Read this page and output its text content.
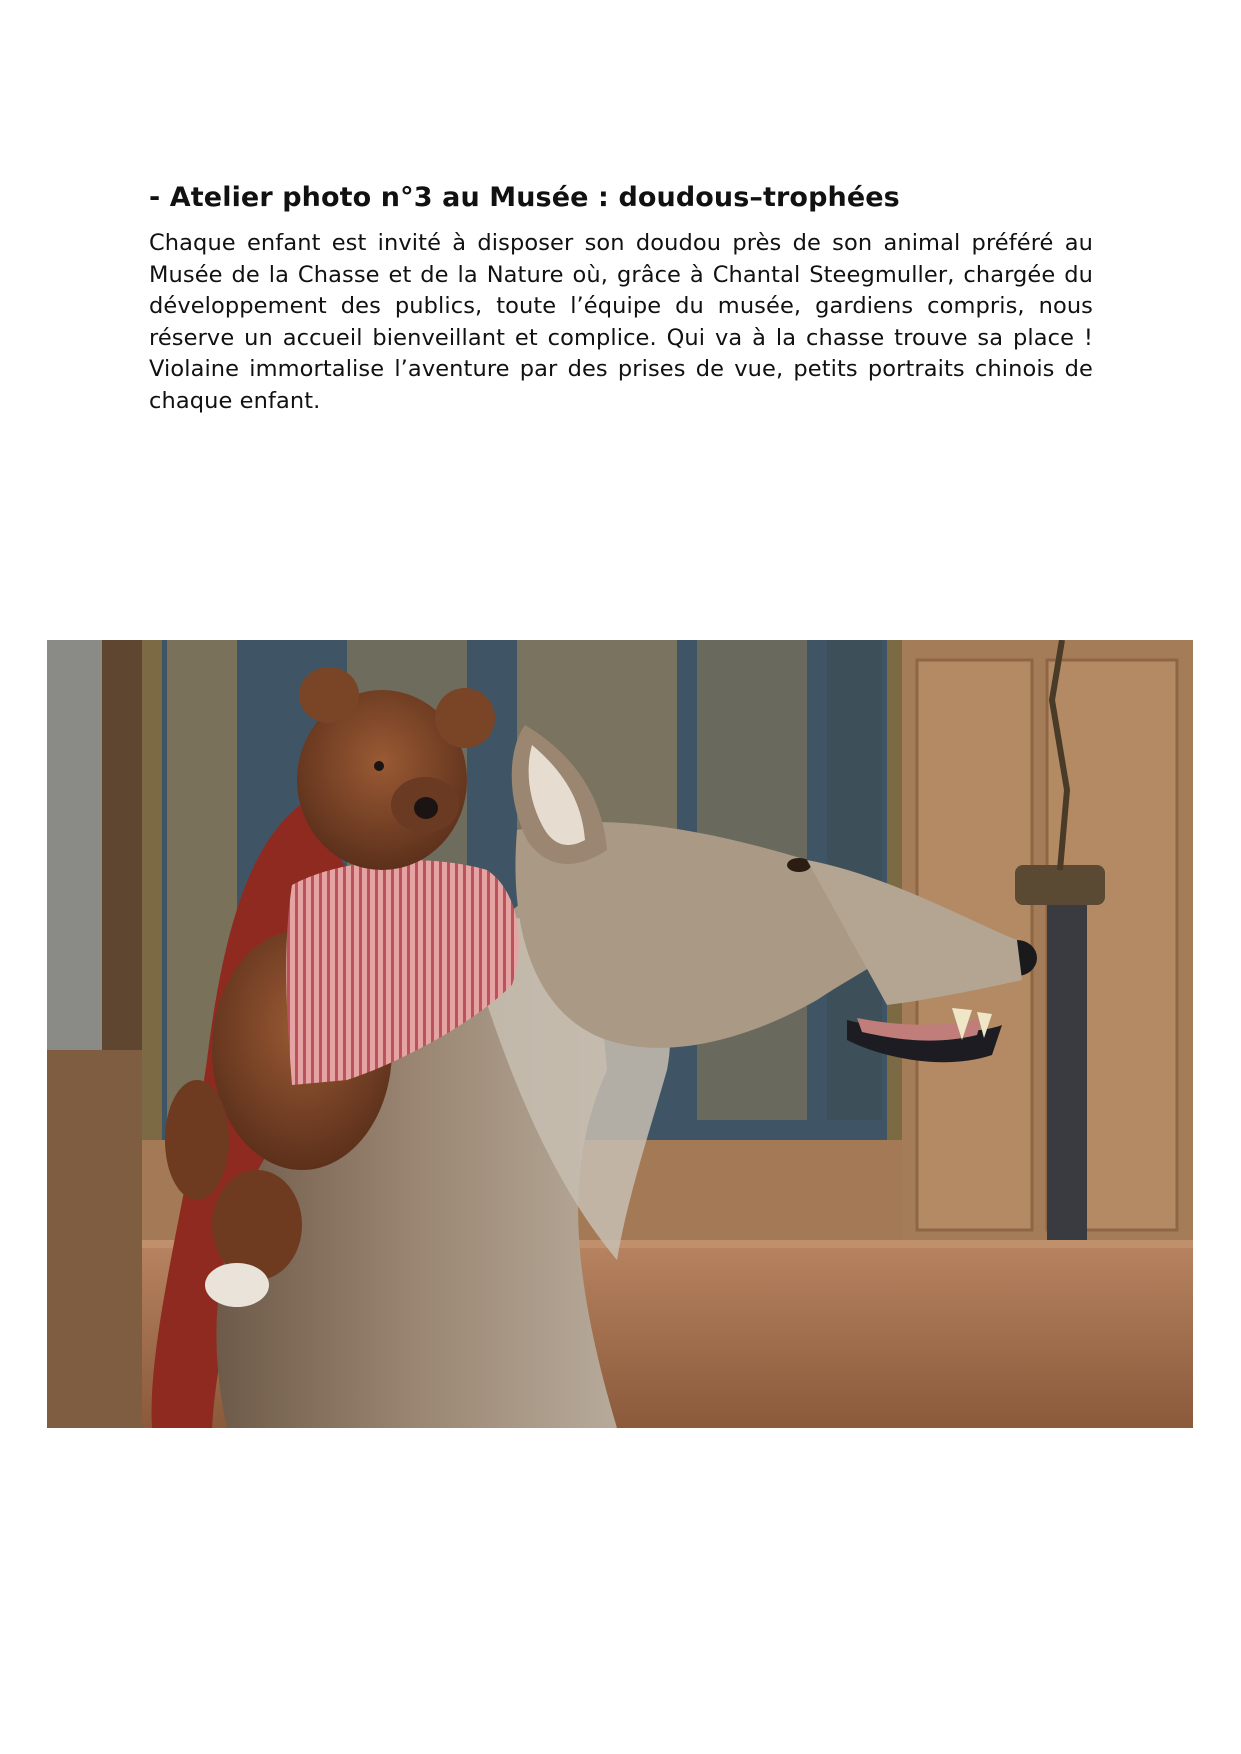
- Atelier photo n°3 au Musée : doudous–trophées

Chaque enfant est invité à disposer son doudou près de son animal préféré au Musée de la Chasse et de la Nature où, grâce à Chantal Steegmuller, chargée du développement des publics, toute l’équipe du musée, gardiens compris, nous réserve un accueil bienveillant et complice. Qui va à la chasse trouve sa place ! Violaine immortalise l’aventure par des prises de vue, petits portraits chinois de chaque enfant.
